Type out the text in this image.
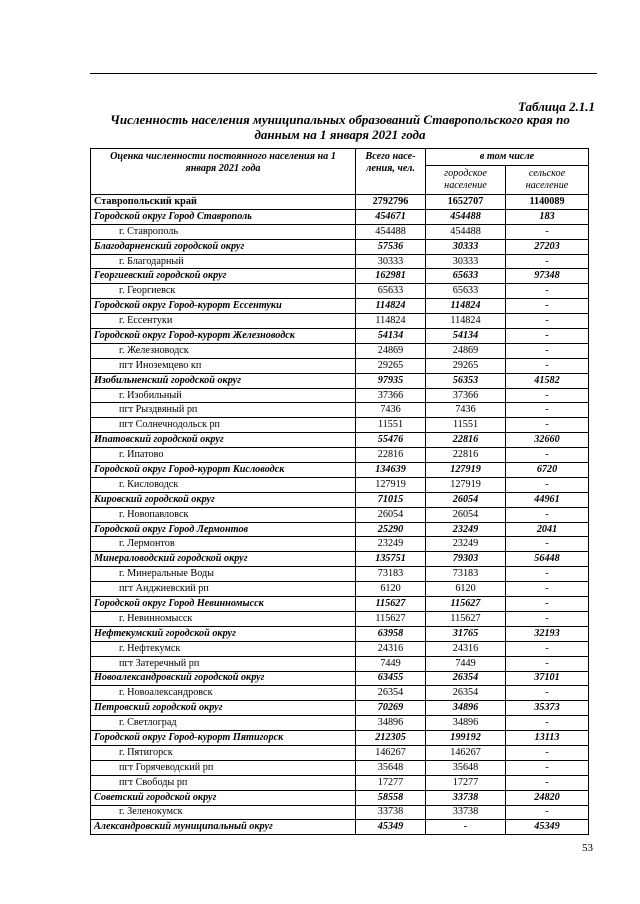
Таблица 2.1.1
Численность населения муниципальных образований Ставропольского края по
данным на 1 января 2021 года
Оценка численности постоянного населения на 1 января 2021 года	Всего насе-ления, чел.	в том числе	
		городское население	сельское население
Ставропольский край	2792796	1652707	1140089
Городской округ Город Ставрополь	454671	454488	183
г. Ставрополь	454488	454488	-
Благодарненский городской округ	57536	30333	27203
г. Благодарный	30333	30333	-
Георгиевский городской округ	162981	65633	97348
г. Георгиевск	65633	65633	-
Городской округ Город-курорт Ессентуки	114824	114824	-
г. Ессентуки	114824	114824	-
Городской округ Город-курорт Железноводск	54134	54134	-
г. Железноводск	24869	24869	-
пгт Иноземцево кп	29265	29265	-
Изобильненский городской округ	97935	56353	41582
г. Изобильный	37366	37366	-
пгт Рыздвяный рп	7436	7436	-
пгт Солнечнодольск рп	11551	11551	-
Ипатовский городской округ	55476	22816	32660
г. Ипатово	22816	22816	-
Городской округ Город-курорт Кисловодск	134639	127919	6720
г. Кисловодск	127919	127919	-
Кировский городской округ	71015	26054	44961
г. Новопавловск	26054	26054	-
Городской округ Город Лермонтов	25290	23249	2041
г. Лермонтов	23249	23249	-
Минераловодский городской округ	135751	79303	56448
г. Минеральные Воды	73183	73183	-
пгт Анджиевский рп	6120	6120	-
Городской округ Город Невинномысск	115627	115627	-
г. Невинномысск	115627	115627	-
Нефтекумский городской округ	63958	31765	32193
г. Нефтекумск	24316	24316	-
пгт Затеречный рп	7449	7449	-
Новоалександровский городской округ	63455	26354	37101
г. Новоалександровск	26354	26354	-
Петровский городской округ	70269	34896	35373
г. Светлоград	34896	34896	-
Городской округ Город-курорт Пятигорск	212305	199192	13113
г. Пятигорск	146267	146267	-
пгт Горячеводский рп	35648	35648	-
пгт Свободы рп	17277	17277	-
Советский городской округ	58558	33738	24820
г. Зеленокумск	33738	33738	-
Александровский муниципальный округ	45349	-	45349
53
